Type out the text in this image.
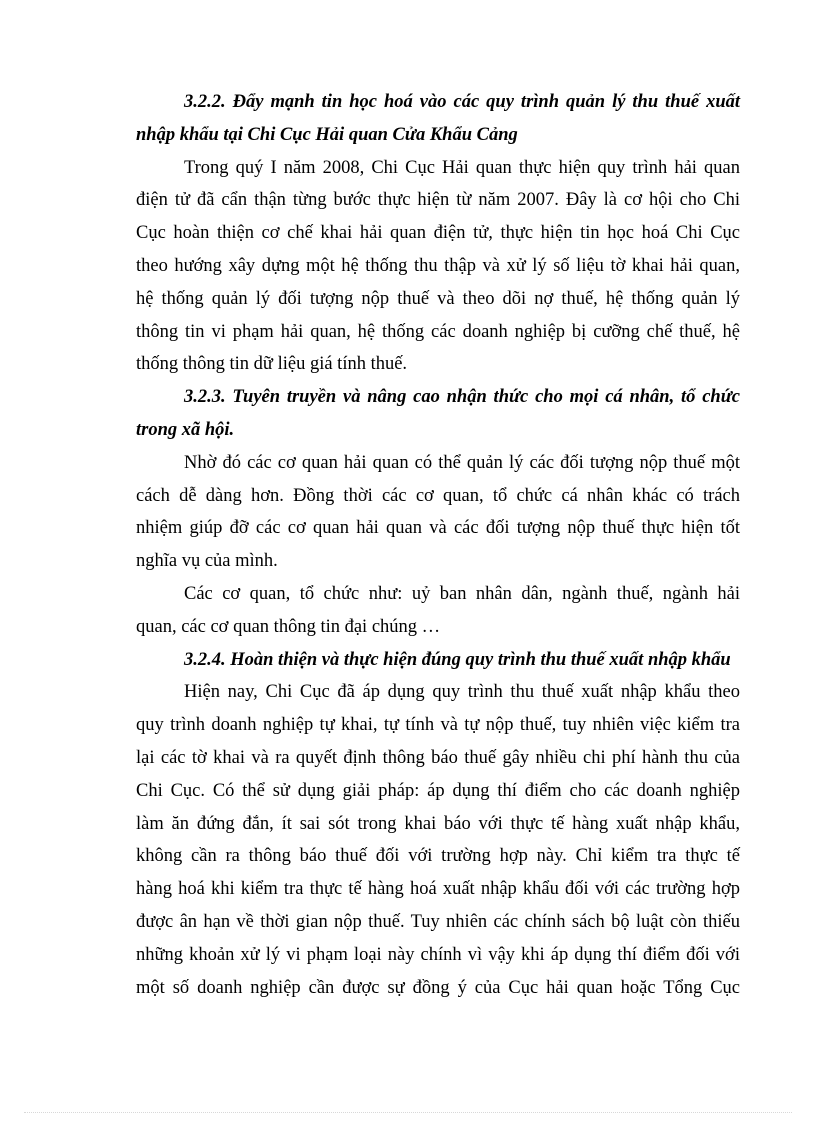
3.2.2. Đẩy mạnh tin học hoá vào các quy trình quản lý thu thuế xuất
nhập khẩu tại Chi Cục Hải quan Cửa Khẩu Cảng
Trong quý I năm 2008, Chi Cục Hải quan thực hiện quy trình hải quan
điện tử đã cẩn thận từng bước thực hiện từ năm 2007. Đây là cơ hội cho Chi
Cục hoàn thiện cơ chế khai hải quan điện tử, thực hiện tin học hoá Chi Cục
theo hướng xây dựng một hệ thống thu thập và xử lý số liệu tờ khai hải quan,
hệ thống quản lý đối tượng nộp thuế và theo dõi nợ thuế, hệ thống quản lý
thông tin vi phạm hải quan, hệ thống các doanh nghiệp bị cưỡng chế thuế, hệ
thống thông tin dữ liệu giá tính thuế.
3.2.3. Tuyên truyền và nâng cao nhận thức cho mọi cá nhân, tổ chức
trong xã hội.
Nhờ đó các cơ quan hải quan có thể quản lý các đối tượng nộp thuế một
cách dễ dàng hơn. Đồng thời các cơ quan, tổ chức cá nhân khác có trách
nhiệm giúp đỡ các cơ quan hải quan và các đối tượng nộp thuế thực hiện tốt
nghĩa vụ của mình.
Các cơ quan, tổ chức như: uỷ ban nhân dân, ngành thuế, ngành hải
quan, các cơ quan thông tin đại chúng …
3.2.4. Hoàn thiện và thực hiện đúng quy trình thu thuế xuất nhập khẩu
Hiện nay, Chi Cục đã áp dụng quy trình thu thuế xuất nhập khẩu theo
quy trình doanh nghiệp tự khai, tự tính và tự nộp thuế, tuy nhiên việc kiểm tra
lại các tờ khai và ra quyết định thông báo thuế gây nhiều chi phí hành thu của
Chi Cục. Có thể sử dụng giải pháp: áp dụng thí điểm cho các doanh nghiệp
làm ăn đứng đắn, ít sai sót trong khai báo với thực tế hàng xuất nhập khẩu,
không cần ra thông báo thuế đối với trường hợp này. Chỉ kiểm tra thực tế
hàng hoá khi kiểm tra thực tế hàng hoá xuất nhập khẩu đối với các trường hợp
được ân hạn về thời gian nộp thuế. Tuy nhiên các chính sách bộ luật còn thiếu
những khoản xử lý vi phạm loại này chính vì vậy khi áp dụng thí điểm đối với
một số doanh nghiệp cần được sự đồng ý của Cục hải quan hoặc Tổng Cục
